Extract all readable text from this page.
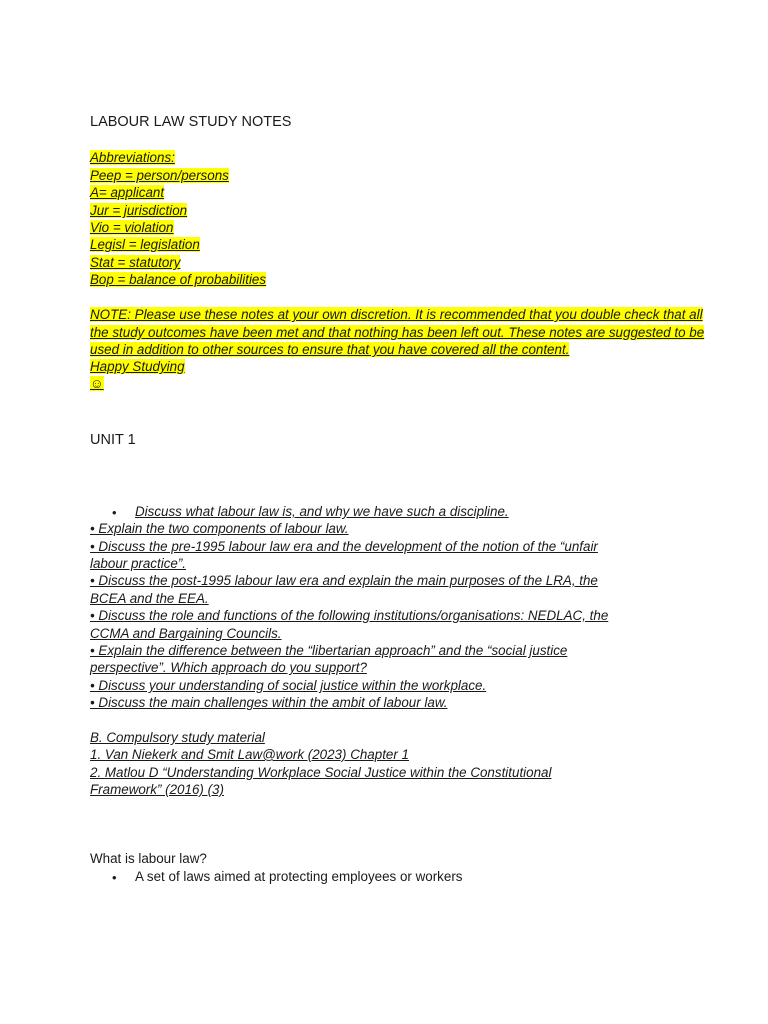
LABOUR LAW STUDY NOTES
Abbreviations:
Peep = person/persons
A= applicant
Jur = jurisdiction
Vio = violation
Legisl = legislation
Stat = statutory
Bop = balance of probabilities
NOTE: Please use these notes at your own discretion. It is recommended that you double check that all
the study outcomes have been met and that nothing has been left out. These notes are suggested to be
used in addition to other sources to ensure that you have covered all the content.
Happy Studying
☺
UNIT 1
• Discuss what labour law is, and why we have such a discipline.
• Explain the two components of labour law.
• Discuss the pre-1995 labour law era and the development of the notion of the “unfair
labour practice”.
• Discuss the post-1995 labour law era and explain the main purposes of the LRA, the
BCEA and the EEA.
• Discuss the role and functions of the following institutions/organisations: NEDLAC, the
CCMA and Bargaining Councils.
• Explain the difference between the “libertarian approach” and the “social justice
perspective”. Which approach do you support?
• Discuss your understanding of social justice within the workplace.
• Discuss the main challenges within the ambit of labour law.
B. Compulsory study material
1. Van Niekerk and Smit Law@work (2023) Chapter 1
2. Matlou D “Understanding Workplace Social Justice within the Constitutional
Framework” (2016) (3)
What is labour law?
• A set of laws aimed at protecting employees or workers
